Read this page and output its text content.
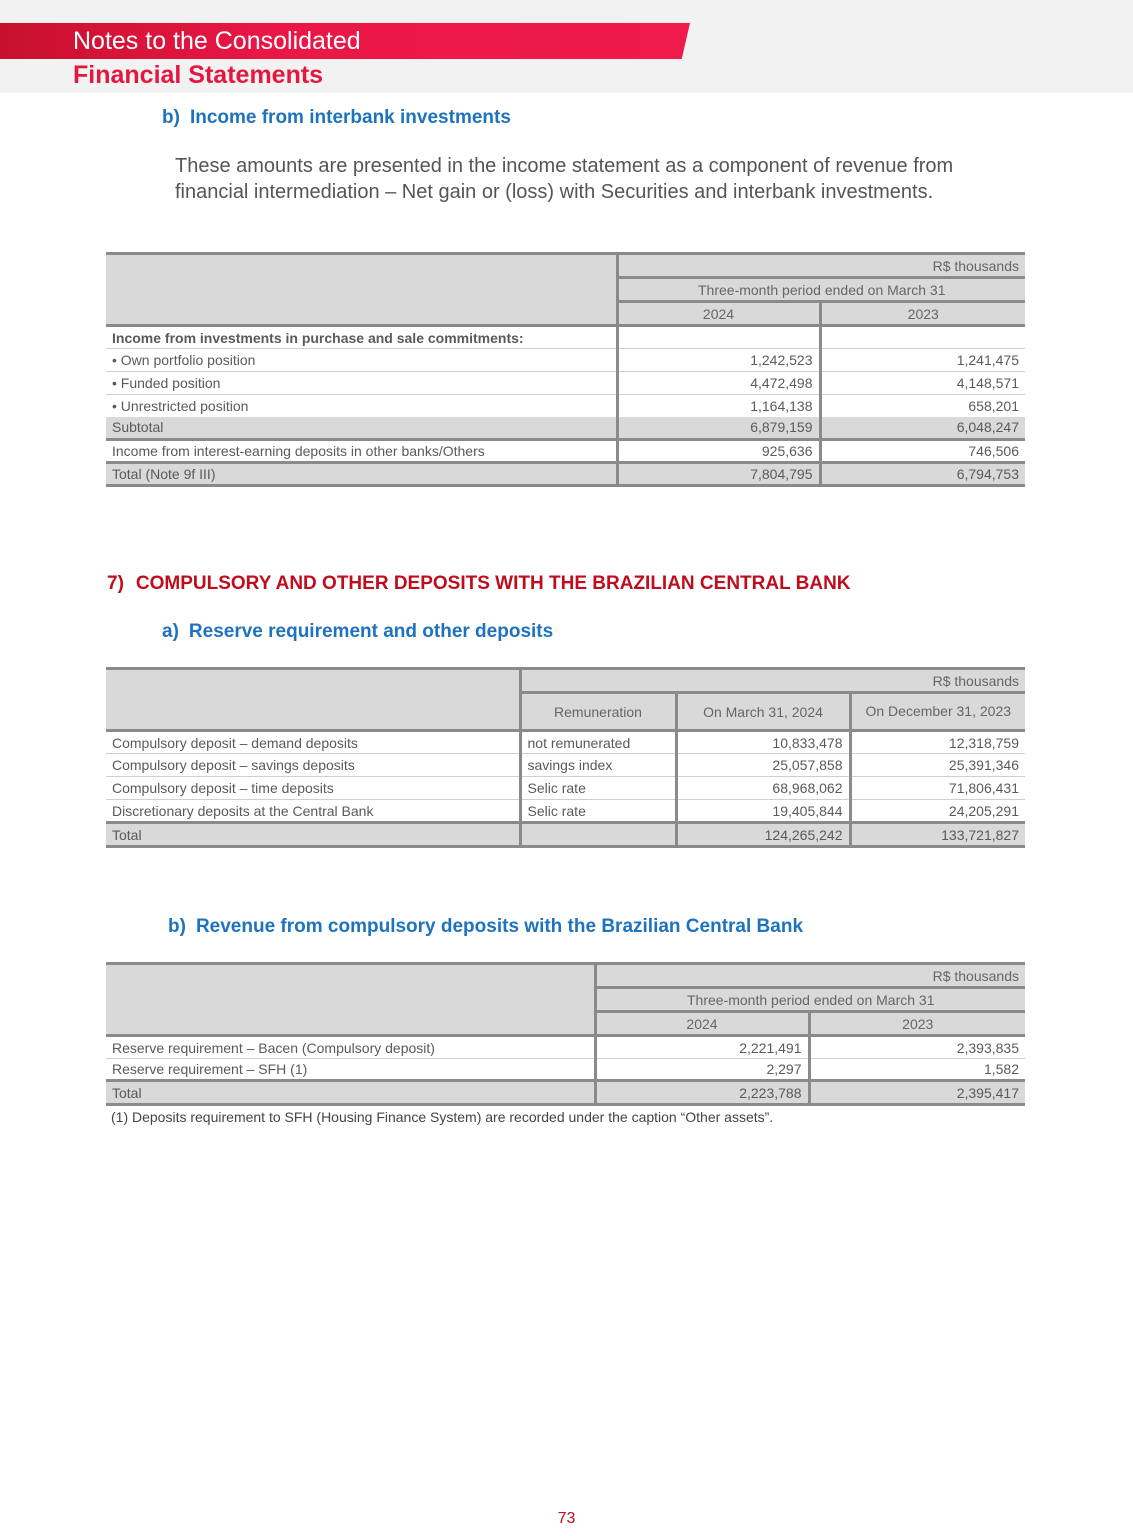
Notes to the Consolidated
Financial Statements
b) Income from interbank investments
These amounts are presented in the income statement as a component of revenue from financial intermediation – Net gain or (loss) with Securities and interbank investments.
	R$ thousands	
	Three-month period ended on March 31	
	2024	2023
Income from investments in purchase and sale commitments:		
• Own portfolio position	1,242,523	1,241,475
• Funded position	4,472,498	4,148,571
• Unrestricted position	1,164,138	658,201
Subtotal	6,879,159	6,048,247
Income from interest-earning deposits in other banks/Others	925,636	746,506
Total (Note 9f III)	7,804,795	6,794,753
7) COMPULSORY AND OTHER DEPOSITS WITH THE BRAZILIAN CENTRAL BANK
a) Reserve requirement and other deposits
	R$ thousands		
	Remuneration	On March 31, 2024	On December 31, 2023
Compulsory deposit – demand deposits	not remunerated	10,833,478	12,318,759
Compulsory deposit – savings deposits	savings index	25,057,858	25,391,346
Compulsory deposit – time deposits	Selic rate	68,968,062	71,806,431
Discretionary deposits at the Central Bank	Selic rate	19,405,844	24,205,291
Total		124,265,242	133,721,827
b) Revenue from compulsory deposits with the Brazilian Central Bank
	R$ thousands	
	Three-month period ended on March 31	
	2024	2023
Reserve requirement – Bacen (Compulsory deposit)	2,221,491	2,393,835
Reserve requirement – SFH (1)	2,297	1,582
Total	2,223,788	2,395,417
(1) Deposits requirement to SFH (Housing Finance System) are recorded under the caption “Other assets”.
73
